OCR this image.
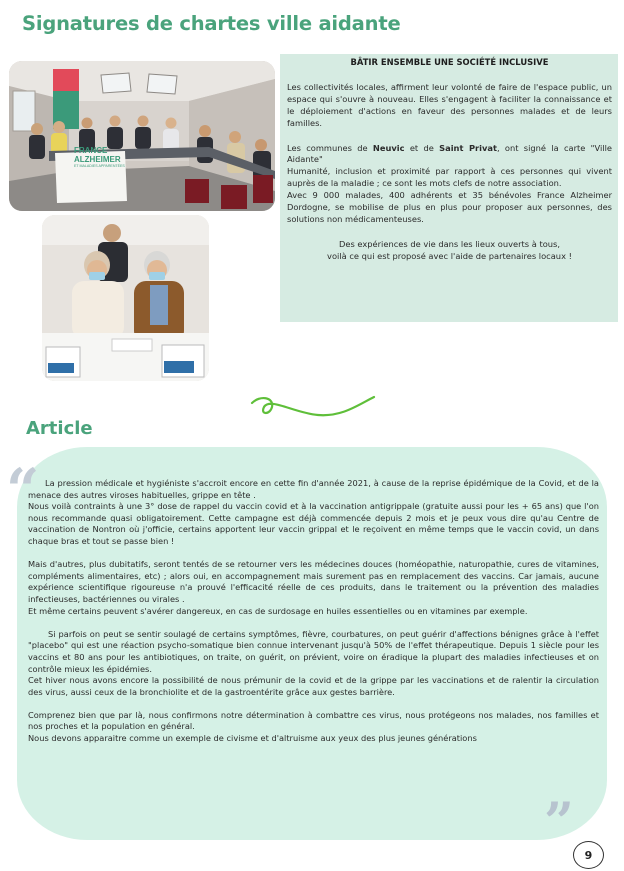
Signatures de chartes ville aidante
FRANCE ALZHEIMER
ET MALADIES APPARENTÉES
BÂTIR ENSEMBLE UNE SOCIÉTÉ INCLUSIVE

Les collectivités locales, affirment leur volonté de faire de l'espace public, un espace qui s'ouvre à nouveau. Elles s'engagent à faciliter la connaissance et le déploiement d'actions en faveur des personnes malades et de leurs familles.

Les communes de Neuvic et de Saint Privat, ont signé la carte "Ville Aidante"

Humanité, inclusion et proximité par rapport à ces personnes qui vivent auprès de la maladie ; ce sont les mots clefs de notre association.

Avec 9 000 malades, 400 adhérents et 35 bénévoles France Alzheimer Dordogne, se mobilise de plus en plus pour proposer aux personnes, des solutions non médicamenteuses.

Des expériences de vie dans les lieux ouverts à tous,

voilà ce qui est proposé avec l'aide de partenaires locaux !

Article
“ La pression médicale et hygiéniste s'accroit encore en cette fin d'année 2021, à cause de la reprise épidémique de la Covid, et de la menace des autres viroses habituelles, grippe en tête .

Nous voilà contraints à une 3° dose de rappel du vaccin covid et à la vaccination antigrippale (gratuite aussi pour les + 65 ans) que l'on nous recommande quasi obligatoirement. Cette campagne est déjà commencée depuis 2 mois et je peux vous dire qu'au Centre de vaccination de Nontron où j'officie, certains apportent leur vaccin grippal et le reçoivent en même temps que le vaccin covid, un dans chaque bras et tout se passe bien !

Mais d'autres, plus dubitatifs, seront tentés de se retourner vers les médecines douces (homéopathie, naturopathie, cures de vitamines, compléments alimentaires, etc) ; alors oui, en accompagnement mais surement pas en remplacement des vaccins. Car jamais, aucune expérience scientifique rigoureuse n'a prouvé l'efficacité réelle de ces produits, dans le traitement ou la prévention des maladies infectieuses, bactériennes ou virales .

Et même certains peuvent s'avérer dangereux, en cas de surdosage en huiles essentielles ou en vitamines par exemple.

Si parfois on peut se sentir soulagé de certains symptômes, fièvre, courbatures, on peut guérir d'affections bénignes grâce à l'effet "placebo" qui est une réaction psycho-somatique bien connue intervenant jusqu'à 50% de l'effet thérapeutique. Depuis 1 siècle pour les vaccins et 80 ans pour les antibiotiques, on traite, on guérit, on prévient, voire on éradique la plupart des maladies infectieuses et on contrôle mieux les épidémies.

Cet hiver nous avons encore la possibilité de nous prémunir de la covid et de la grippe par les vaccinations et de ralentir la circulation des virus, aussi ceux de la bronchiolite et de la gastroentérite grâce aux gestes barrière.

Comprenez bien que par là, nous confirmons notre détermination à combattre ces virus, nous protégeons nos malades, nos familles et nos proches et la population en général.

Nous devons apparaitre comme un exemple de civisme et d'altruisme aux yeux des plus jeunes générations

”
9
